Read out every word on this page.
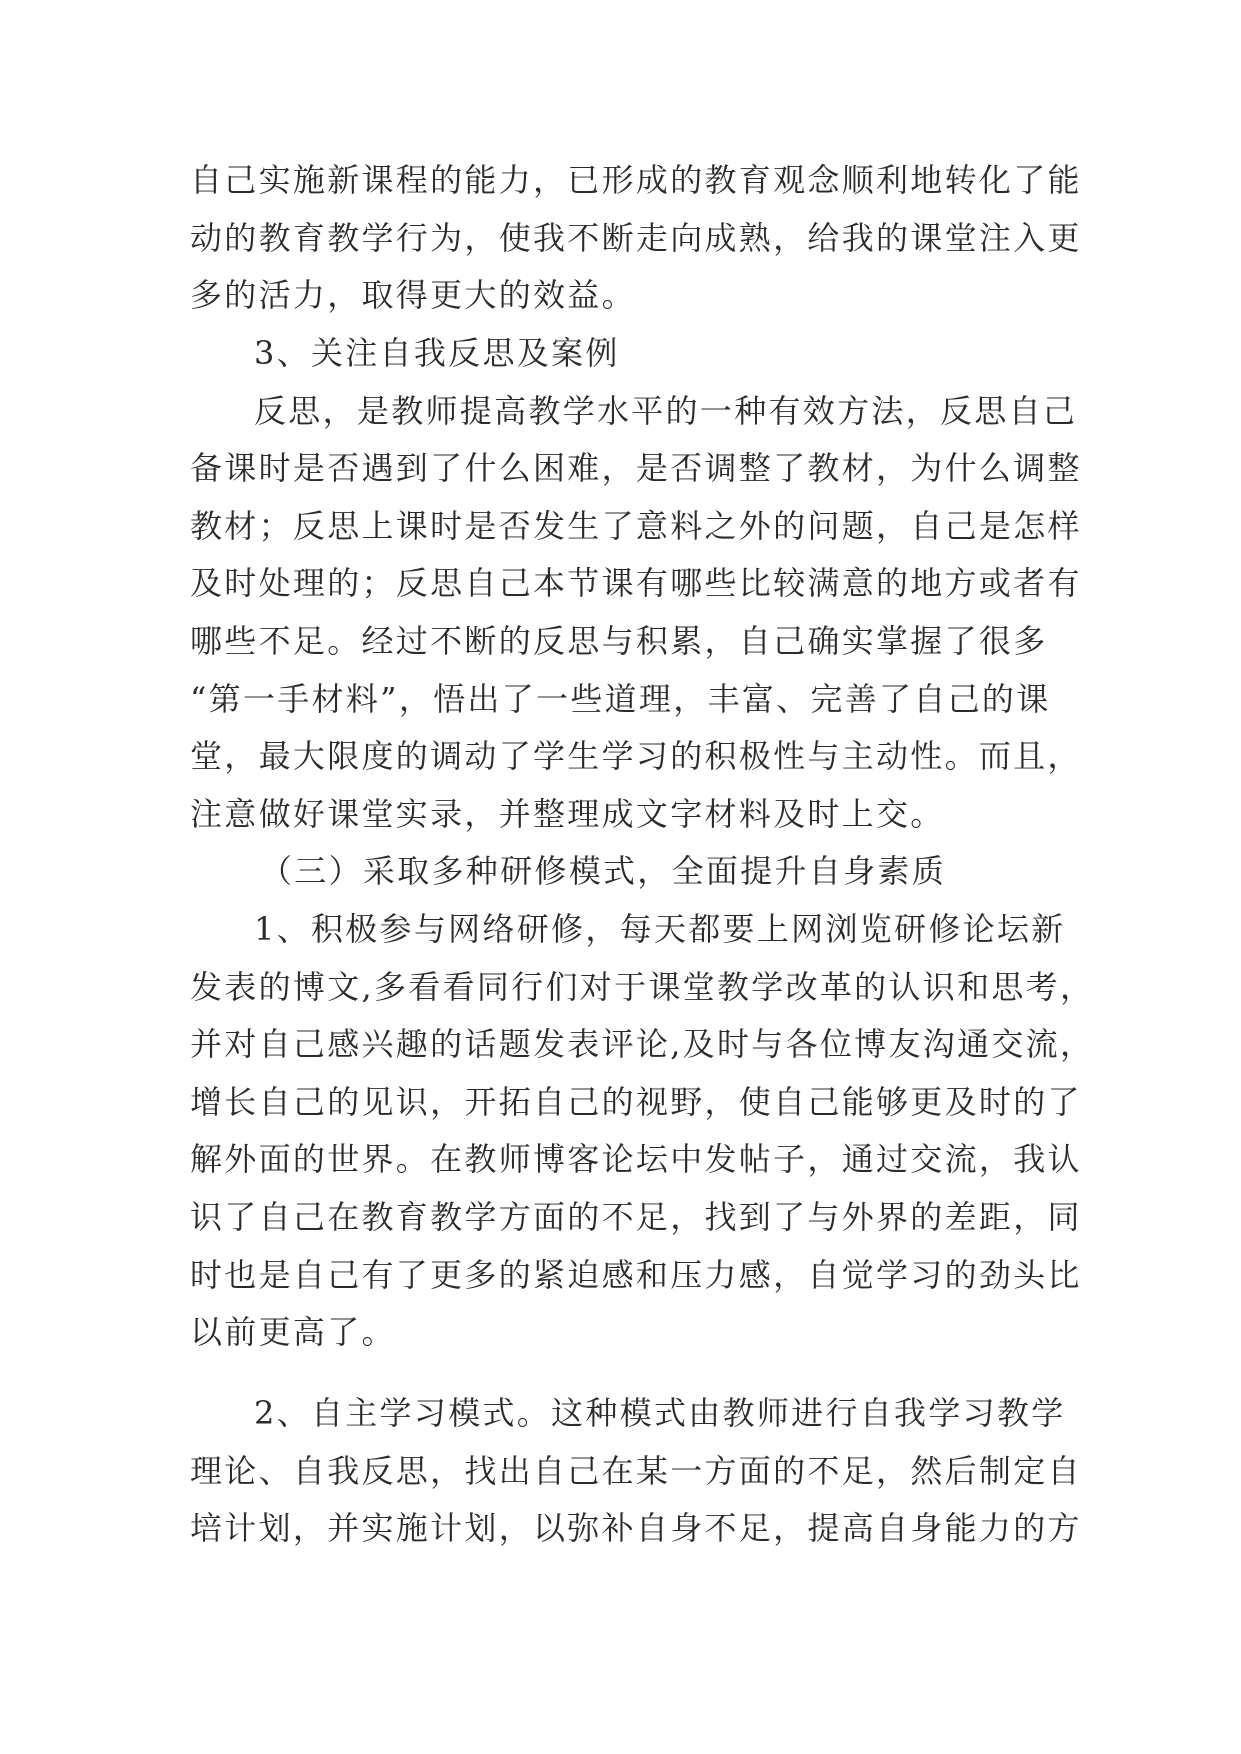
自己实施新课程的能力，已形成的教育观念顺利地转化了能
动的教育教学行为，使我不断走向成熟，给我的课堂注入更
多的活力，取得更大的效益。
3、关注自我反思及案例
反思，是教师提高教学水平的一种有效方法，反思自己
备课时是否遇到了什么困难，是否调整了教材，为什么调整
教材；反思上课时是否发生了意料之外的问题，自己是怎样
及时处理的；反思自己本节课有哪些比较满意的地方或者有
哪些不足。经过不断的反思与积累，自己确实掌握了很多
“第一手材料”，悟出了一些道理，丰富、完善了自己的课
堂，最大限度的调动了学生学习的积极性与主动性。而且，
注意做好课堂实录，并整理成文字材料及时上交。
（三）采取多种研修模式，全面提升自身素质
1、积极参与网络研修，每天都要上网浏览研修论坛新
发表的博文,多看看同行们对于课堂教学改革的认识和思考，
并对自己感兴趣的话题发表评论,及时与各位博友沟通交流，
增长自己的见识，开拓自己的视野，使自己能够更及时的了
解外面的世界。在教师博客论坛中发帖子，通过交流，我认
识了自己在教育教学方面的不足，找到了与外界的差距，同
时也是自己有了更多的紧迫感和压力感，自觉学习的劲头比
以前更高了。
2、自主学习模式。这种模式由教师进行自我学习教学
理论、自我反思，找出自己在某一方面的不足，然后制定自
培计划，并实施计划，以弥补自身不足，提高自身能力的方
